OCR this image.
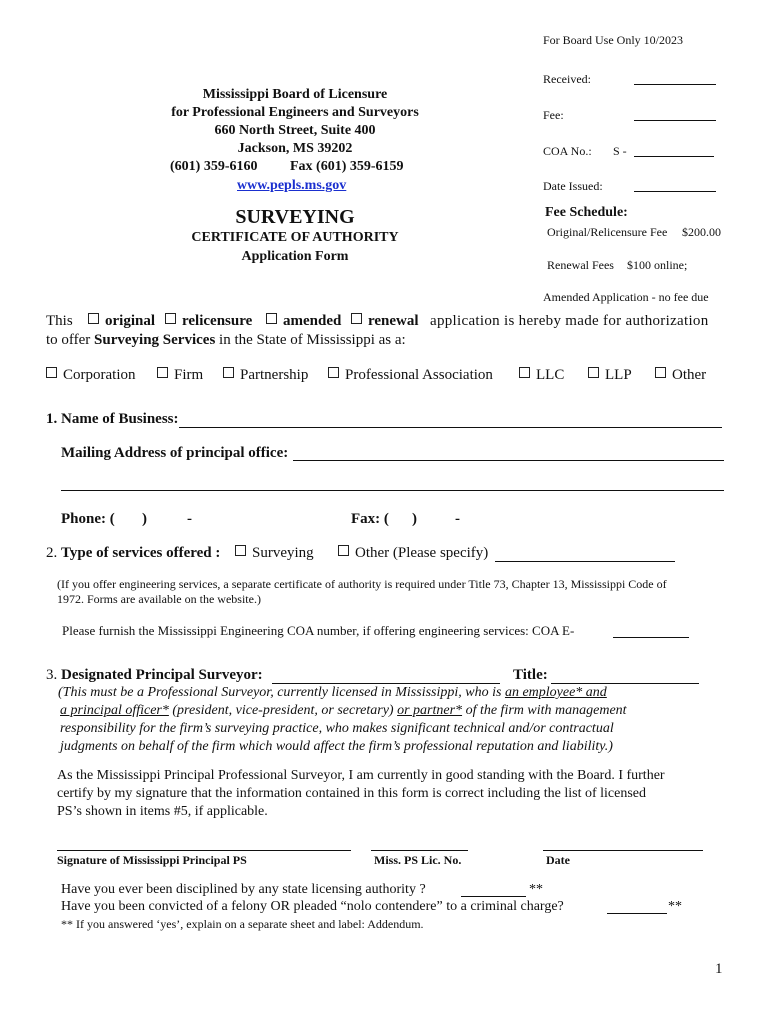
For Board Use Only 10/2023
Received:
Fee:
COA No.: S -
Date Issued:
Mississippi Board of Licensure
for Professional Engineers and Surveyors
660 North Street, Suite 400
Jackson, MS 39202
(601) 359-6160 Fax (601) 359-6159
www.pepls.ms.gov
SURVEYING
CERTIFICATE OF AUTHORITY
Application Form
Fee Schedule:
Original/Relicensure Fee $200.00
Renewal Fees $100 online;
Amended Application - no fee due
This	original	relicensure	amended	renewal application is hereby made for authorization
to offer Surveying Services in the State of Mississippi as a:
Corporation	Firm	Partnership	Professional Association	LLC	LLP	Other
1. Name of Business:
Mailing Address of principal office:
Phone: ( )	-	Fax: ( )	-
2. Type of services offered :	Surveying	Other (Please specify)
(If you offer engineering services, a separate certificate of authority is required under Title 73, Chapter 13, Mississippi Code of
1972. Forms are available on the website.)
Please furnish the Mississippi Engineering COA number, if offering engineering services: COA E-
3. Designated Principal Surveyor:	Title:
(This must be a Professional Surveyor, currently licensed in Mississippi, who is an employee* and
a principal officer* (president, vice-president, or secretary) or partner* of the firm with management
responsibility for the firm’s surveying practice, who makes significant technical and/or contractual
judgments on behalf of the firm which would affect the firm’s professional reputation and liability.)
As the Mississippi Principal Professional Surveyor, I am currently in good standing with the Board. I further
certify by my signature that the information contained in this form is correct including the list of licensed
PS’s shown in items #5, if applicable.
Signature of Mississippi Principal PS	Miss. PS Lic. No.	Date
Have you ever been disciplined by any state licensing authority ?	**
Have you been convicted of a felony OR pleaded “nolo contendere” to a criminal charge?	**
** If you answered ‘yes’, explain on a separate sheet and label: Addendum.
1
